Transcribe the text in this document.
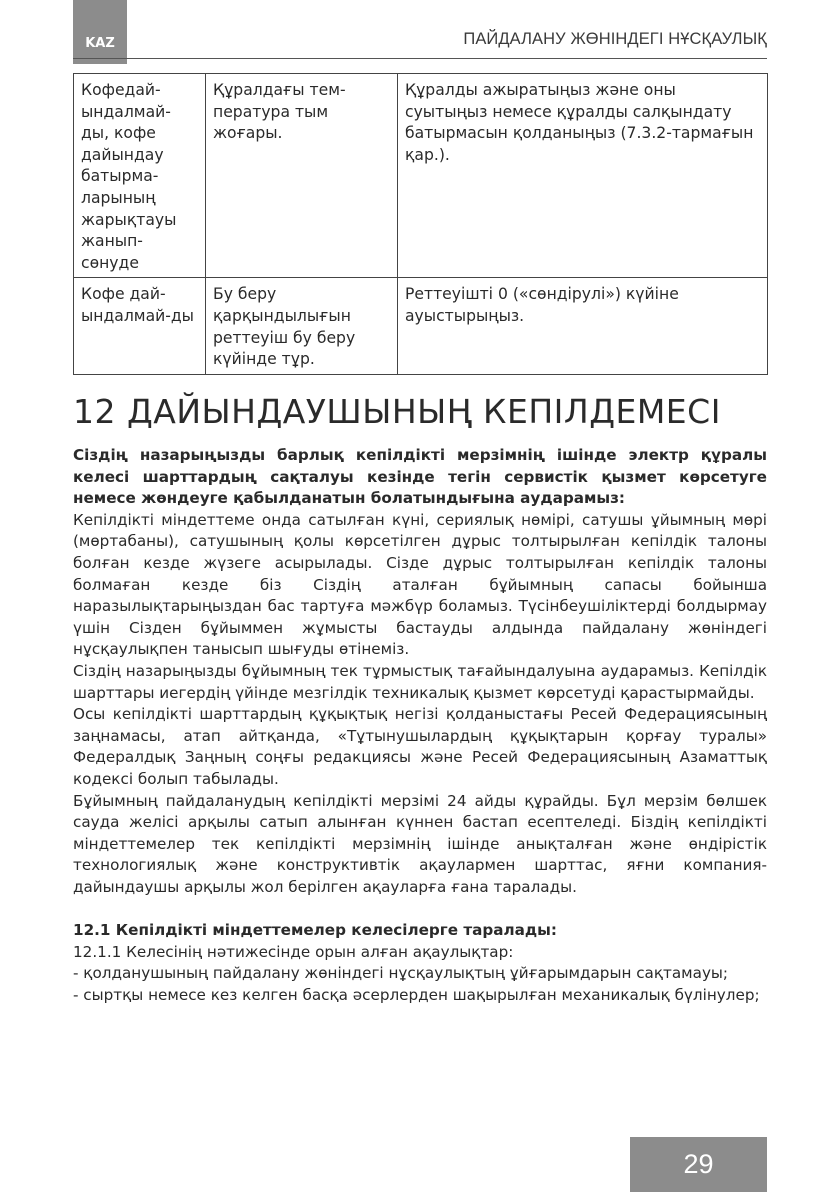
KAZ	ПАЙДАЛАНУ ЖӨНІНДЕГІ НҰСҚАУЛЫҚ
Кофедай-ындалмай-ды, кофе дайындау батырма-ларының жарықтауы жанып-сөнуде	Құралдағы тем-пература тым жоғары.	Құралды ажыратыңыз және оны суытыңыз немесе құралды салқындату батырмасын қолданыңыз (7.3.2-тармағын қар.).
Кофе дай-ындалмай-ды	Бу беру қарқындылығын реттеуіш бу беру күйінде тұр.	Реттеуішті 0 («сөндірулі») күйіне ауыстырыңыз.
12 ДАЙЫНДАУШЫНЫҢ КЕПІЛДЕМЕСІ

Сіздің назарыңызды барлық кепілдікті мерзімнің ішінде электр құралы келесі шарттардың сақталуы кезінде тегін сервистік қызмет көрсетуге немесе жөндеуге қабылданатын болатындығына аударамыз:

Кепілдікті міндеттеме онда сатылған күні, сериялық нөмірі, сатушы ұйымның мөрі (мөртабаны), сатушының қолы көрсетілген дұрыс толтырылған кепілдік талоны болған кезде жүзеге асырылады. Сізде дұрыс толтырылған кепілдік талоны болмаған кезде біз Сіздің аталған бұйымның сапасы бойынша наразылықтарыңыздан бас тартуға мәжбүр боламыз. Түсінбеушіліктерді болдырмау үшін Сізден бұйыммен жұмысты бастауды алдында пайдалану жөніндегі нұсқаулықпен танысып шығуды өтінеміз.

Сіздің назарыңызды бұйымның тек тұрмыстық тағайындалуына аударамыз. Кепілдік шарттары иегердің үйінде мезгілдік техникалық қызмет көрсетуді қарастырмайды.

Осы кепілдікті шарттардың құқықтық негізі қолданыстағы Ресей Федерациясының заңнамасы, атап айтқанда, «Тұтынушылардың құқықтарын қорғау туралы» Федералдық Заңның соңғы редакциясы және Ресей Федерациясының Азаматтық кодексі болып табылады.

Бұйымның пайдаланудың кепілдікті мерзімі 24 айды құрайды. Бұл мерзім бөлшек сауда желісі арқылы сатып алынған күннен бастап есептеледі. Біздің кепілдікті міндеттемелер тек кепілдікті мерзімнің ішінде анықталған және өндірістік технологиялық және конструктивтік ақаулармен шарттас, яғни компания-дайындаушы арқылы жол берілген ақауларға ғана таралады.

12.1 Кепілдікті міндеттемелер келесілерге таралады:

12.1.1 Келесінің нәтижесінде орын алған ақаулықтар:

- қолданушының пайдалану жөніндегі нұсқаулықтың ұйғарымдарын сақтамауы;

- сыртқы немесе кез келген басқа әсерлерден шақырылған механикалық бүлінулер;

29
